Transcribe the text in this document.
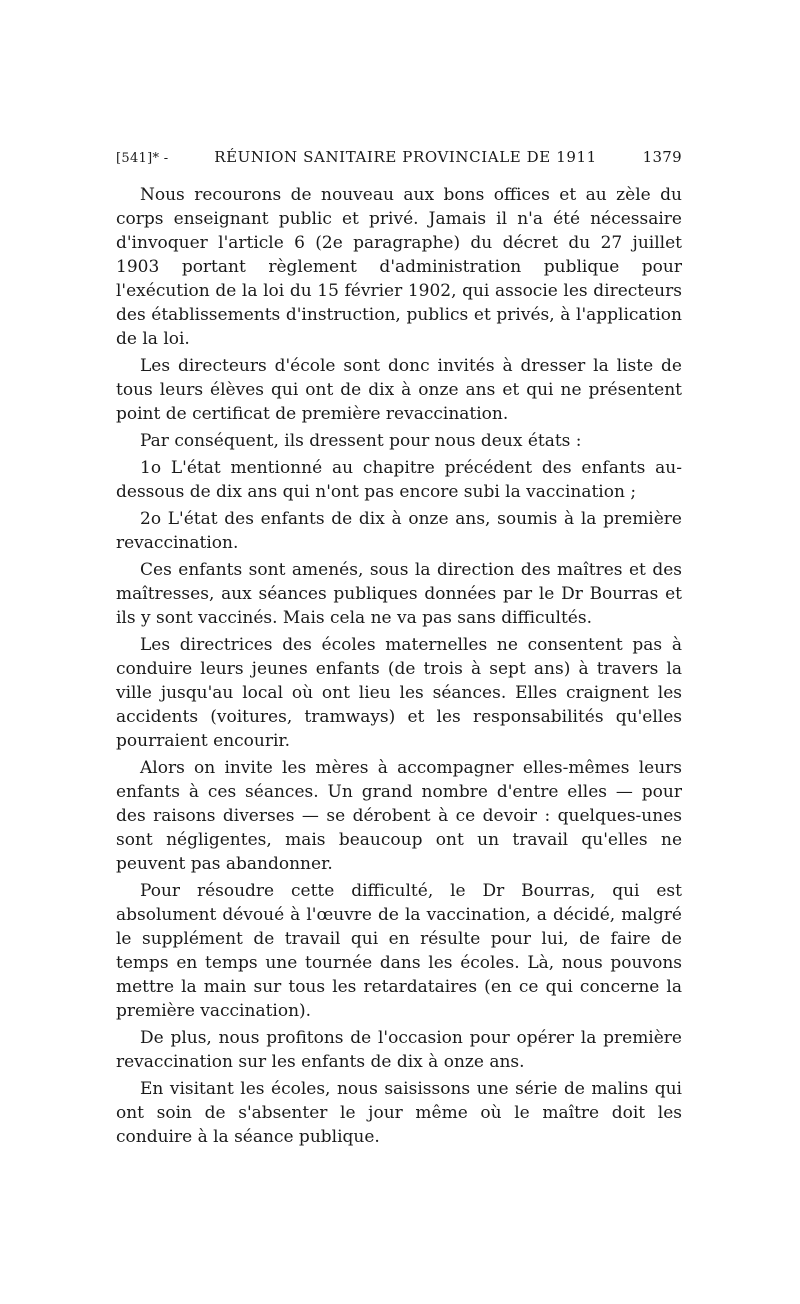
[541]* -	RÉUNION SANITAIRE PROVINCIALE DE 1911	1379

Nous recourons de nouveau aux bons offices et au zèle du corps enseignant public et privé. Jamais il n'a été nécessaire d'invoquer l'article 6 (2e paragraphe) du décret du 27 juillet 1903 portant règlement d'administration publique pour l'exécution de la loi du 15 février 1902, qui associe les directeurs des établissements d'instruction, publics et privés, à l'application de la loi.

Les directeurs d'école sont donc invités à dresser la liste de tous leurs élèves qui ont de dix à onze ans et qui ne présentent point de certificat de première revaccination.

Par conséquent, ils dressent pour nous deux états :

1o L'état mentionné au chapitre précédent des enfants au-dessous de dix ans qui n'ont pas encore subi la vaccination ;

2o L'état des enfants de dix à onze ans, soumis à la première revaccination.

Ces enfants sont amenés, sous la direction des maîtres et des maîtresses, aux séances publiques données par le Dr Bourras et ils y sont vaccinés. Mais cela ne va pas sans difficultés.

Les directrices des écoles maternelles ne consentent pas à conduire leurs jeunes enfants (de trois à sept ans) à travers la ville jusqu'au local où ont lieu les séances. Elles craignent les accidents (voitures, tramways) et les responsabilités qu'elles pourraient encourir.

Alors on invite les mères à accompagner elles-mêmes leurs enfants à ces séances. Un grand nombre d'entre elles — pour des raisons diverses — se dérobent à ce devoir : quelques-unes sont négligentes, mais beaucoup ont un travail qu'elles ne peuvent pas abandonner.

Pour résoudre cette difficulté, le Dr Bourras, qui est absolument dévoué à l'œuvre de la vaccination, a décidé, malgré le supplément de travail qui en résulte pour lui, de faire de temps en temps une tournée dans les écoles. Là, nous pouvons mettre la main sur tous les retardataires (en ce qui concerne la première vaccination).

De plus, nous profitons de l'occasion pour opérer la première revaccination sur les enfants de dix à onze ans.

En visitant les écoles, nous saisissons une série de malins qui ont soin de s'absenter le jour même où le maître doit les conduire à la séance publique.
